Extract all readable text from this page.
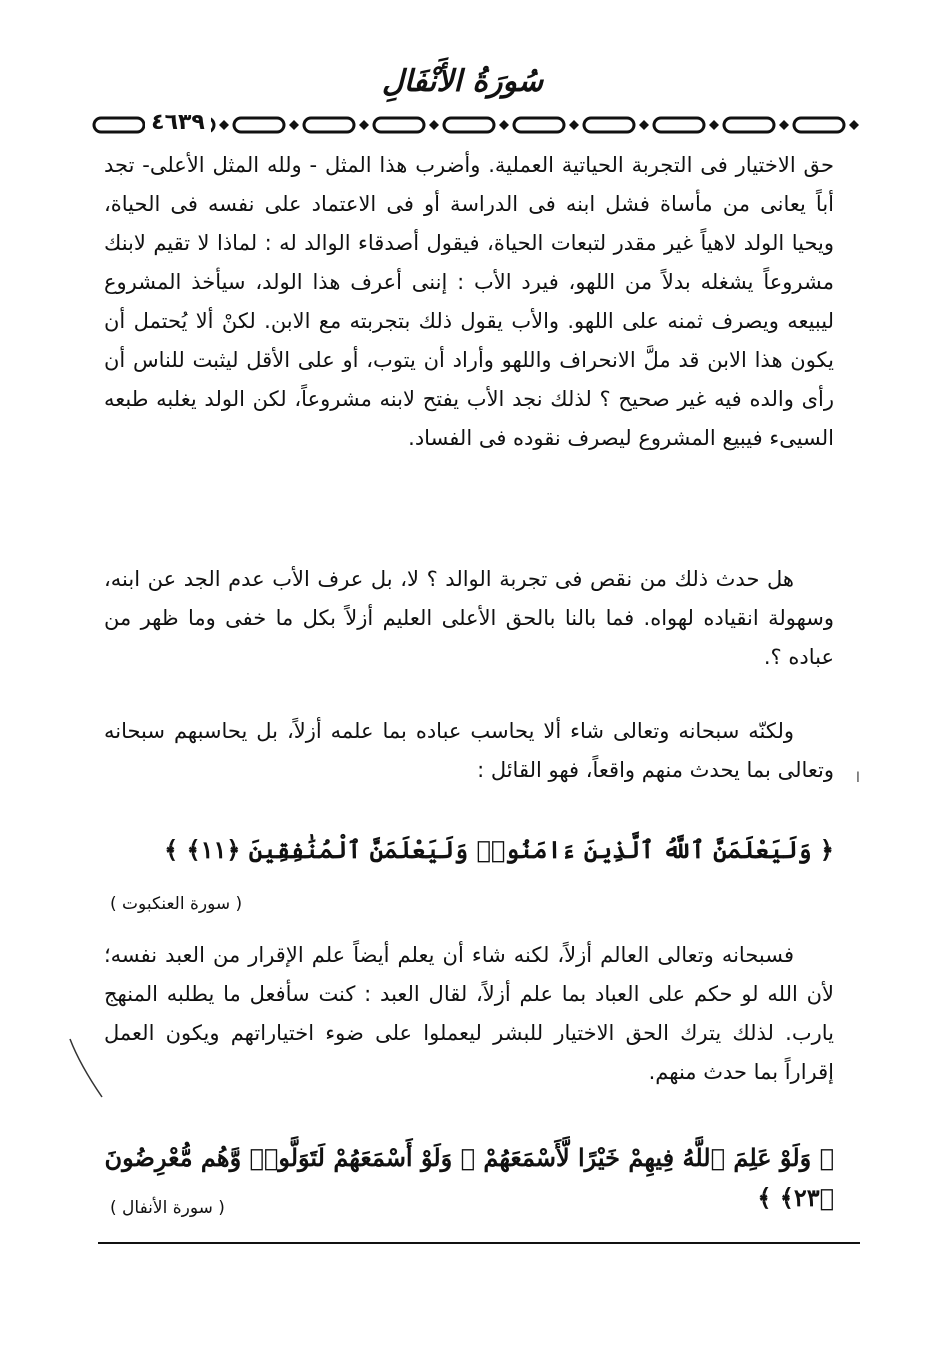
سُورَةُ الأَنْفَالِ
٤٦٣٩
حق الاختيار فى التجربة الحياتية العملية. وأضرب هذا المثل - ولله المثل الأعلى- تجد أباً يعانى من مأساة فشل ابنه فى الدراسة أو فى الاعتماد على نفسه فى الحياة، ويحيا الولد لاهياً غير مقدر لتبعات الحياة، فيقول أصدقاء الوالد له : لماذا لا تقيم لابنك مشروعاً يشغله بدلاً من اللهو، فيرد الأب : إننى أعرف هذا الولد، سيأخذ المشروع ليبيعه ويصرف ثمنه على اللهو. والأب يقول ذلك بتجربته مع الابن. لكنْ ألا يُحتمل أن يكون هذا الابن قد ملَّ الانحراف واللهو وأراد أن يتوب، أو على الأقل ليثبت للناس أن رأى والده فيه غير صحيح ؟ لذلك نجد الأب يفتح لابنه مشروعاً، لكن الولد يغلبه طبعه السيىء فيبيع المشروع ليصرف نقوده فى الفساد.
هل حدث ذلك من نقص فى تجربة الوالد ؟ لا، بل عرف الأب عدم الجد عن ابنه، وسهولة انقياده لهواه. فما بالنا بالحق الأعلى العليم أزلاً بكل ما خفى وما ظهر من عباده ؟.
ولكنّه سبحانه وتعالى شاء ألا يحاسب عباده بما علمه أزلاً، بل يحاسبهم سبحانه وتعالى بما يحدث منهم واقعاً، فهو القائل :
﴿ وَلَيَعْلَمَنَّ ٱللَّهُ ٱلَّذِينَ ءَامَنُوا۟ وَلَيَعْلَمَنَّ ٱلْمُنَٰفِقِينَ ﴿١١﴾ ﴾
( سورة العنكبوت )
فسبحانه وتعالى العالم أزلاً، لكنه شاء أن يعلم أيضاً علم الإقرار من العبد نفسه؛ لأن الله لو حكم على العباد بما علم أزلاً، لقال العبد : كنت سأفعل ما يطلبه المنهج يارب. لذلك يترك الحق الاختيار للبشر ليعملوا على ضوء اختياراتهم ويكون العمل إقراراً بما حدث منهم.
﴿ وَلَوْ عَلِمَ ٱللَّهُ فِيهِمْ خَيْرًا لَّأَسْمَعَهُمْ ۖ وَلَوْ أَسْمَعَهُمْ لَتَوَلَّوا۟ وَّهُم مُّعْرِضُونَ ﴿٢٣﴾ ﴾
( سورة الأنفال )
ا
